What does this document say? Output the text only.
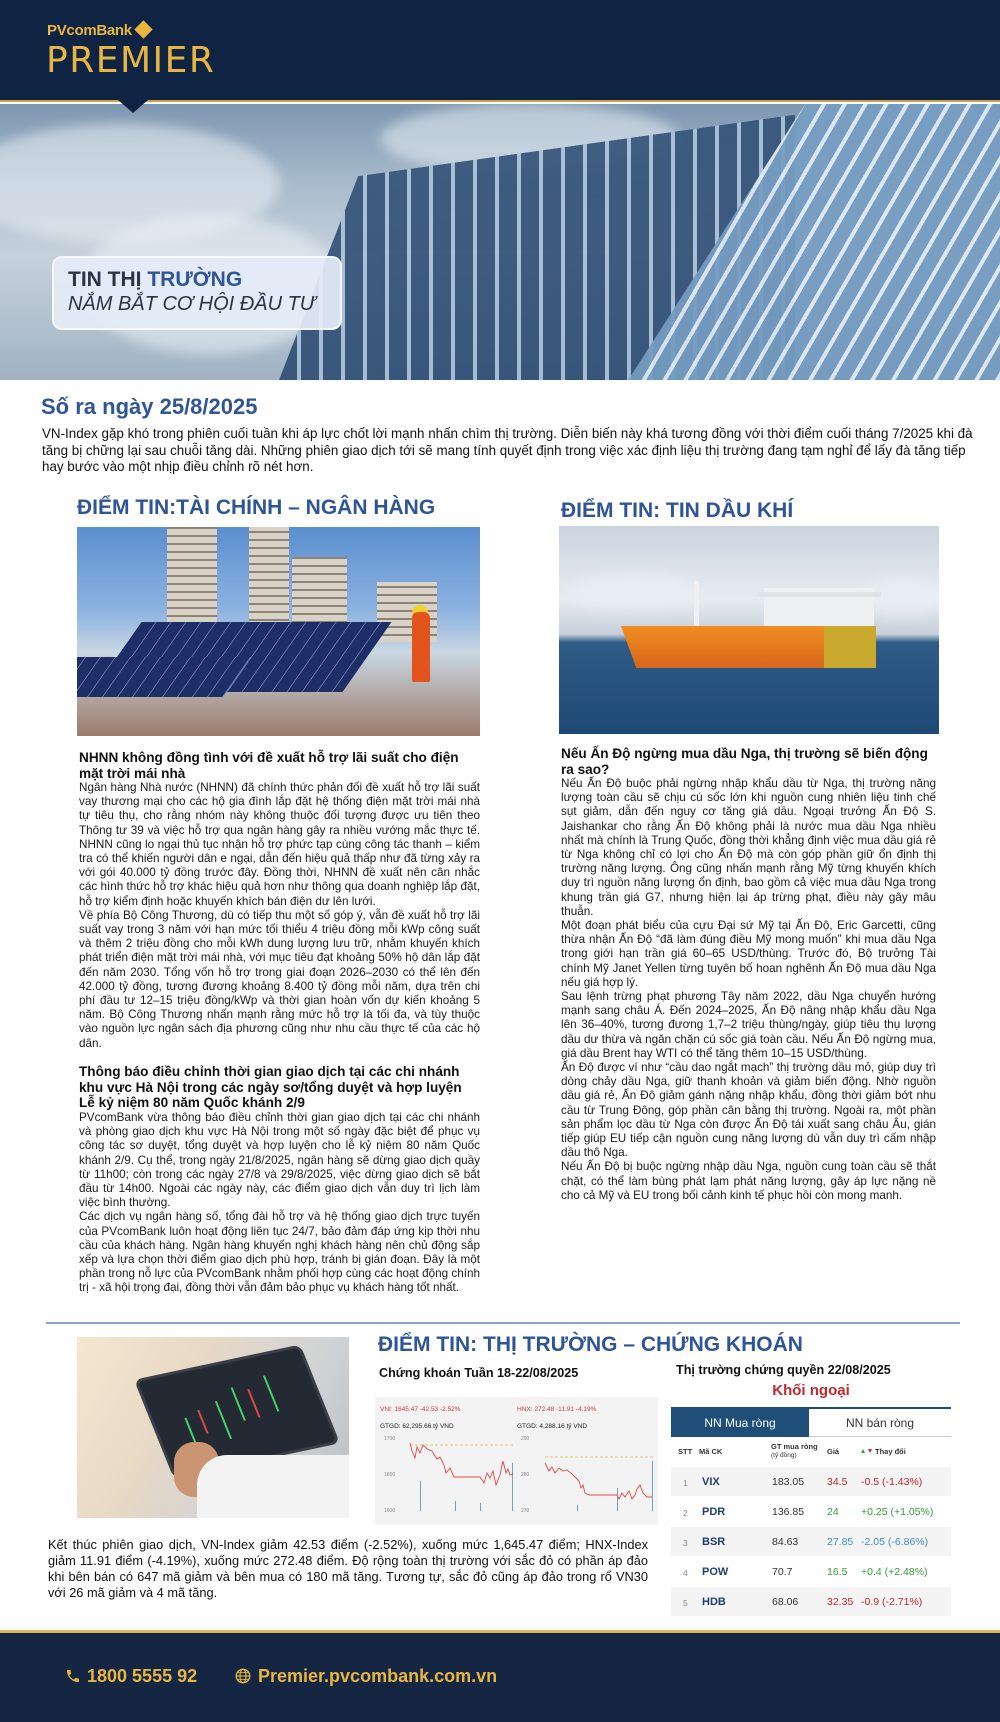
PVcomBank
PREMIER
TIN THỊ TRƯỜNG
NẮM BẮT CƠ HỘI ĐẦU TƯ
Số ra ngày 25/8/2025
VN-Index gặp khó trong phiên cuối tuần khi áp lực chốt lời mạnh nhấn chìm thị trường. Diễn biến này khá tương đồng với thời điểm cuối tháng 7/2025 khi đà tăng bị chững lại sau chuỗi tăng dài. Những phiên giao dịch tới sẽ mang tính quyết định trong việc xác định liệu thị trường đang tạm nghỉ để lấy đà tăng tiếp hay bước vào một nhịp điều chỉnh rõ nét hơn.
ĐIỂM TIN:TÀI CHÍNH – NGÂN HÀNG
NHNN không đồng tình với đề xuất hỗ trợ lãi suất cho điện mặt trời mái nhà

Ngân hàng Nhà nước (NHNN) đã chính thức phản đối đề xuất hỗ trợ lãi suất vay thương mại cho các hộ gia đình lắp đặt hệ thống điện mặt trời mái nhà tự tiêu thụ, cho rằng nhóm này không thuộc đối tượng được ưu tiên theo Thông tư 39 và việc hỗ trợ qua ngân hàng gây ra nhiều vướng mắc thực tế. NHNN cũng lo ngại thủ tục nhận hỗ trợ phức tạp cùng công tác thanh – kiểm tra có thể khiến người dân e ngại, dẫn đến hiệu quả thấp như đã từng xảy ra với gói 40.000 tỷ đồng trước đây. Đồng thời, NHNN đề xuất nên cân nhắc các hình thức hỗ trợ khác hiệu quả hơn như thông qua doanh nghiệp lắp đặt, hỗ trợ kiểm định hoặc khuyến khích bán điện dư lên lưới.

Về phía Bộ Công Thương, dù có tiếp thu một số góp ý, vẫn đề xuất hỗ trợ lãi suất vay trong 3 năm với hạn mức tối thiểu 4 triệu đồng mỗi kWp công suất và thêm 2 triệu đồng cho mỗi kWh dung lượng lưu trữ, nhằm khuyến khích phát triển điện mặt trời mái nhà, với mục tiêu đạt khoảng 50% hộ dân lắp đặt đến năm 2030. Tổng vốn hỗ trợ trong giai đoạn 2026–2030 có thể lên đến 42.000 tỷ đồng, tương đương khoảng 8.400 tỷ đồng mỗi năm, dựa trên chi phí đầu tư 12–15 triệu đồng/kWp và thời gian hoàn vốn dự kiến khoảng 5 năm. Bộ Công Thương nhấn mạnh rằng mức hỗ trợ là tối đa, và tùy thuộc vào nguồn lực ngân sách địa phương cũng như nhu cầu thực tế của các hộ dân.

Thông báo điều chỉnh thời gian giao dịch tại các chi nhánh khu vực Hà Nội trong các ngày sơ/tổng duyệt và hợp luyện Lễ kỷ niệm 80 năm Quốc khánh 2/9

PVcomBank vừa thông báo điều chỉnh thời gian giao dịch tại các chi nhánh và phòng giao dịch khu vực Hà Nội trong một số ngày đặc biệt để phục vụ công tác sơ duyệt, tổng duyệt và hợp luyện cho lễ kỷ niệm 80 năm Quốc khánh 2/9. Cụ thể, trong ngày 21/8/2025, ngân hàng sẽ dừng giao dịch quầy từ 11h00; còn trong các ngày 27/8 và 29/8/2025, việc dừng giao dịch sẽ bắt đầu từ 14h00. Ngoài các ngày này, các điểm giao dịch vẫn duy trì lịch làm việc bình thường.

Các dịch vụ ngân hàng số, tổng đài hỗ trợ và hệ thống giao dịch trực tuyến của PVcomBank luôn hoạt động liên tục 24/7, bảo đảm đáp ứng kịp thời nhu cầu của khách hàng. Ngân hàng khuyến nghị khách hàng nên chủ động sắp xếp và lựa chọn thời điểm giao dịch phù hợp, tránh bị gián đoạn. Đây là một phần trong nỗ lực của PVcomBank nhằm phối hợp cùng các hoạt động chính trị - xã hội trọng đại, đồng thời vẫn đảm bảo phục vụ khách hàng tốt nhất.

ĐIỂM TIN: TIN DẦU KHÍ
Nếu Ấn Độ ngừng mua dầu Nga, thị trường sẽ biến động ra sao?

Nếu Ấn Độ buộc phải ngừng nhập khẩu dầu từ Nga, thị trường năng lượng toàn cầu sẽ chịu cú sốc lớn khi nguồn cung nhiên liệu tinh chế sụt giảm, dẫn đến nguy cơ tăng giá dầu. Ngoại trưởng Ấn Độ S. Jaishankar cho rằng Ấn Độ không phải là nước mua dầu Nga nhiều nhất mà chính là Trung Quốc, đồng thời khẳng định việc mua dầu giá rẻ từ Nga không chỉ có lợi cho Ấn Độ mà còn góp phần giữ ổn định thị trường năng lượng. Ông cũng nhấn mạnh rằng Mỹ từng khuyến khích duy trì nguồn năng lượng ổn định, bao gồm cả việc mua dầu Nga trong khung trần giá G7, nhưng hiện lại áp trừng phạt, điều này gây mâu thuẫn.

Một đoạn phát biểu của cựu Đại sứ Mỹ tại Ấn Độ, Eric Garcetti, cũng thừa nhận Ấn Độ “đã làm đúng điều Mỹ mong muốn” khi mua dầu Nga trong giới hạn trần giá 60–65 USD/thùng. Trước đó, Bộ trưởng Tài chính Mỹ Janet Yellen từng tuyên bố hoan nghênh Ấn Độ mua dầu Nga nếu giá hợp lý.

Sau lệnh trừng phạt phương Tây năm 2022, dầu Nga chuyển hướng mạnh sang châu Á. Đến 2024–2025, Ấn Độ nâng nhập khẩu dầu Nga lên 36–40%, tương đương 1,7–2 triệu thùng/ngày, giúp tiêu thụ lượng dầu dư thừa và ngăn chặn cú sốc giá toàn cầu. Nếu Ấn Độ ngừng mua, giá dầu Brent hay WTI có thể tăng thêm 10–15 USD/thùng.

Ấn Độ được ví như “cầu dao ngắt mạch” thị trường dầu mỏ, giúp duy trì dòng chảy dầu Nga, giữ thanh khoản và giảm biến động. Nhờ nguồn dầu giá rẻ, Ấn Độ giảm gánh nặng nhập khẩu, đồng thời giảm bớt nhu cầu từ Trung Đông, góp phần cân bằng thị trường. Ngoài ra, một phần sản phẩm lọc dầu từ Nga còn được Ấn Độ tái xuất sang châu Âu, gián tiếp giúp EU tiếp cận nguồn cung năng lượng dù vẫn duy trì cấm nhập dầu thô Nga.

Nếu Ấn Độ bị buộc ngừng nhập dầu Nga, nguồn cung toàn cầu sẽ thắt chặt, có thể làm bùng phát lạm phát năng lượng, gây áp lực nặng nề cho cả Mỹ và EU trong bối cảnh kinh tế phục hồi còn mong manh.

ĐIỂM TIN: THỊ TRƯỜNG – CHỨNG KHOÁN
Chứng khoán Tuần 18-22/08/2025	Thị trường chứng quyền 22/08/2025
VNI: 1645.47 -42.53 -2.52%
GTGD: 62,295.66 tỷ VND
1700
1650
1600
HNX: 272.48 -11.91 -4.19%
GTGD: 4,288.16 tỷ VND
290
280
270
Khối ngoại
NN Mua ròng	NN bán ròng
STT Mã CK
GT mua ròng
(tỷ đồng)	Giá	Thay đổi
1 VIX	183.05 34.5 -0.5 (-1.43%)
2 PDR	136.85 24 +0.25 (+1.05%)
3 BSR	84.63	27.85 -2.05 (-6.86%)
4 POW	70.7	16.5 +0.4 (+2.48%)
5 HDB	68.06	32.35 -0.9 (-2.71%)
Kết thúc phiên giao dịch, VN-Index giảm 42.53 điểm (-2.52%), xuống mức 1,645.47 điểm; HNX-Index giảm 11.91 điểm (-4.19%), xuống mức 272.48 điểm. Độ rộng toàn thị trường với sắc đỏ có phần áp đảo khi bên bán có 647 mã giảm và bên mua có 180 mã tăng. Tương tự, sắc đỏ cũng áp đảo trong rổ VN30 với 26 mã giảm và 4 mã tăng.
1800 5555 92	Premier.pvcombank.com.vn
